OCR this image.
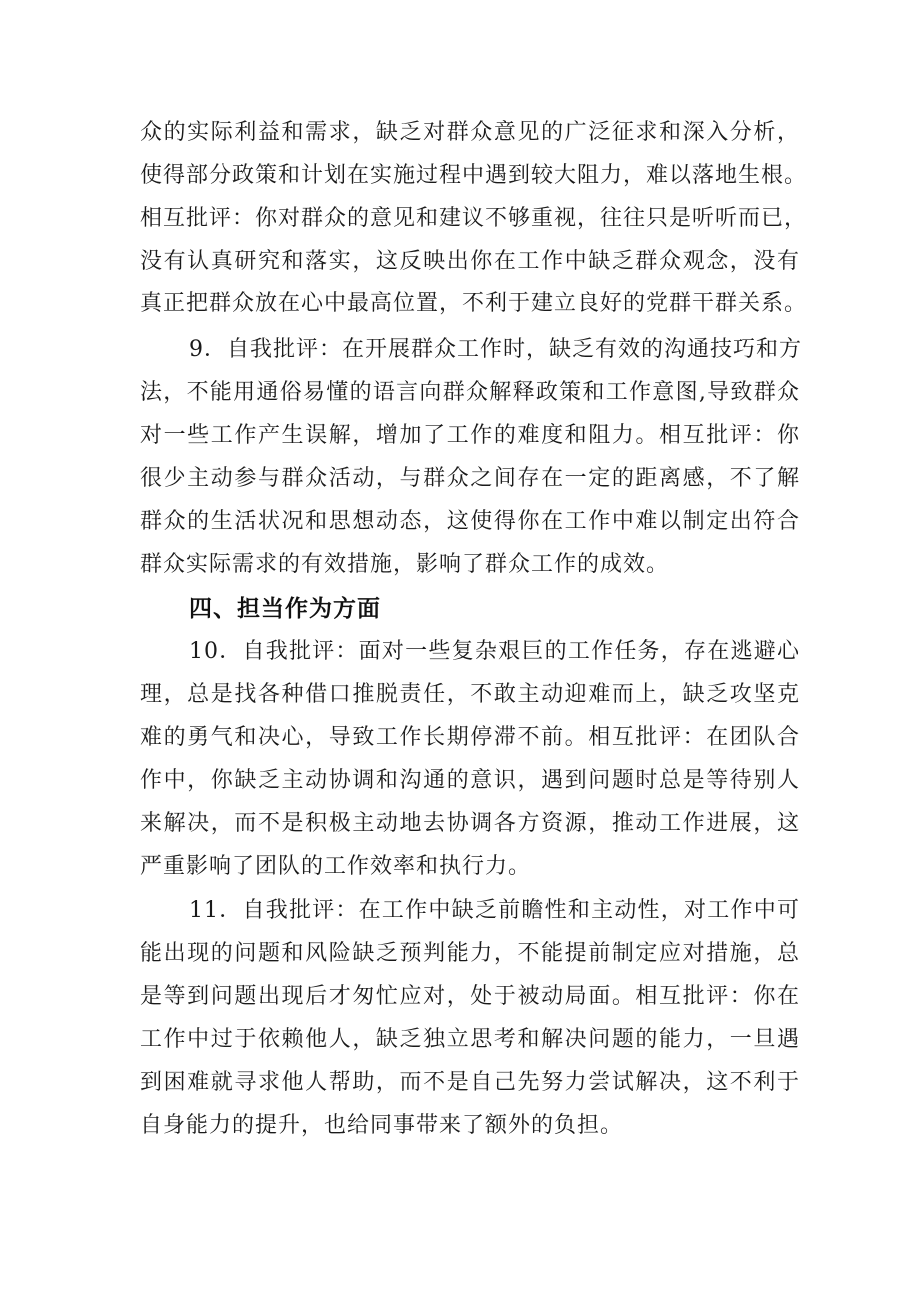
众的实际利益和需求，缺乏对群众意见的广泛征求和深入分析，

使得部分政策和计划在实施过程中遇到较大阻力，难以落地生根。

相互批评：你对群众的意见和建议不够重视，往往只是听听而已，

没有认真研究和落实，这反映出你在工作中缺乏群众观念，没有

真正把群众放在心中最高位置，不利于建立良好的党群干群关系。

9．自我批评：在开展群众工作时，缺乏有效的沟通技巧和方

法，不能用通俗易懂的语言向群众解释政策和工作意图,导致群众

对一些工作产生误解，增加了工作的难度和阻力。相互批评：你

很少主动参与群众活动，与群众之间存在一定的距离感，不了解

群众的生活状况和思想动态，这使得你在工作中难以制定出符合

群众实际需求的有效措施，影响了群众工作的成效。

四、担当作为方面

10．自我批评：面对一些复杂艰巨的工作任务，存在逃避心

理，总是找各种借口推脱责任，不敢主动迎难而上，缺乏攻坚克

难的勇气和决心，导致工作长期停滞不前。相互批评：在团队合

作中，你缺乏主动协调和沟通的意识，遇到问题时总是等待别人

来解决，而不是积极主动地去协调各方资源，推动工作进展，这

严重影响了团队的工作效率和执行力。

11．自我批评：在工作中缺乏前瞻性和主动性，对工作中可

能出现的问题和风险缺乏预判能力，不能提前制定应对措施，总

是等到问题出现后才匆忙应对，处于被动局面。相互批评：你在

工作中过于依赖他人，缺乏独立思考和解决问题的能力，一旦遇

到困难就寻求他人帮助，而不是自己先努力尝试解决，这不利于

自身能力的提升，也给同事带来了额外的负担。
